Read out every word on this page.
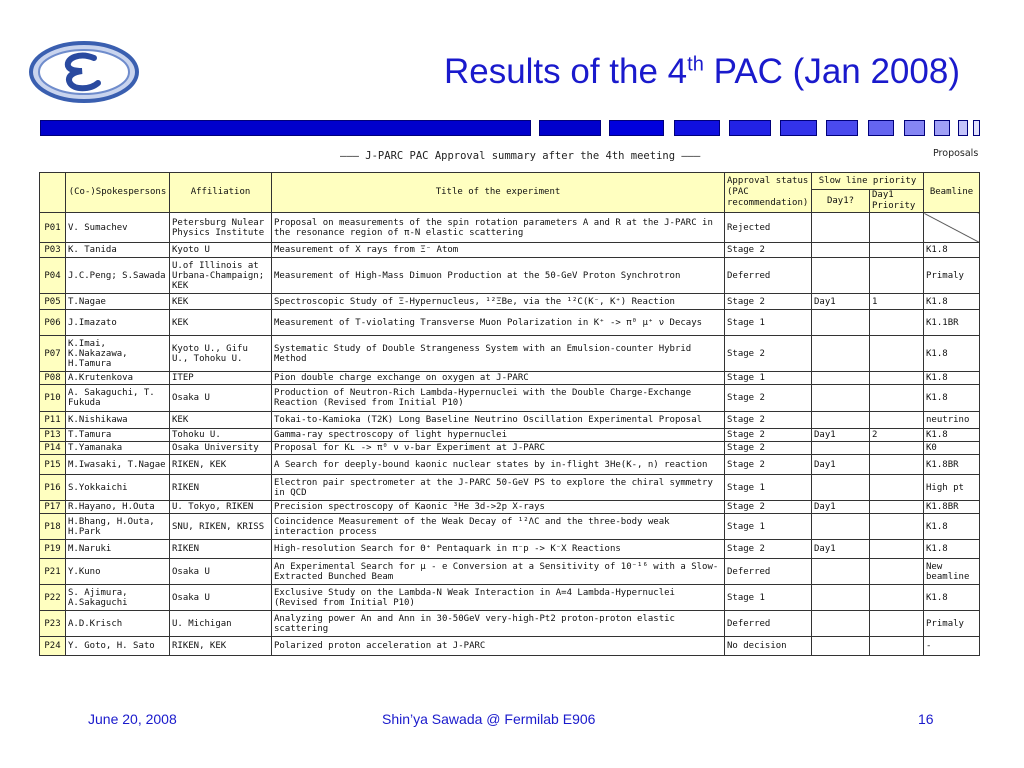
Results of the 4th PAC (Jan 2008)
——— J-PARC PAC Approval summary after the 4th meeting ———	Proposals
	(Co-)Spokespersons	Affiliation	Title of the experiment	Approval status (PAC recommendation)	Slow line priority		Beamline
					Day1?	Day1 Priority	
P01	V. Sumachev	Petersburg Nulear Physics Institute	Proposal on measurements of the spin rotation parameters A and R at the J-PARC in the resonance region of π-N elastic scattering	Rejected			
P03	K. Tanida	Kyoto U	Measurement of X rays from Ξ⁻ Atom	Stage 2			K1.8
P04	J.C.Peng; S.Sawada	U.of Illinois at Urbana-Champaign; KEK	Measurement of High-Mass Dimuon Production at the 50-GeV Proton Synchrotron	Deferred			Primaly
P05	T.Nagae	KEK	Spectroscopic Study of Ξ-Hypernucleus, ¹²ΞBe, via the ¹²C(K⁻, K⁺) Reaction	Stage 2	Day1	1	K1.8
P06	J.Imazato	KEK	Measurement of T-violating Transverse Muon Polarization in K⁺ -> π⁰ μ⁺ ν Decays	Stage 1			K1.1BR
P07	K.Imai, K.Nakazawa, H.Tamura	Kyoto U., Gifu U., Tohoku U.	Systematic Study of Double Strangeness System with an Emulsion-counter Hybrid Method	Stage 2			K1.8
P08	A.Krutenkova	ITEP	Pion double charge exchange on oxygen at J-PARC	Stage 1			K1.8
P10	A. Sakaguchi, T. Fukuda	Osaka U	Production of Neutron-Rich Lambda-Hypernuclei with the Double Charge-Exchange Reaction (Revised from Initial P10)	Stage 2			K1.8
P11	K.Nishikawa	KEK	Tokai-to-Kamioka (T2K) Long Baseline Neutrino Oscillation Experimental Proposal	Stage 2			neutrino
P13	T.Tamura	Tohoku U.	Gamma-ray spectroscopy of light hypernuclei	Stage 2	Day1	2	K1.8
P14	T.Yamanaka	Osaka University	Proposal for Kʟ -> π⁰ ν ν-bar Experiment at J-PARC	Stage 2			K0
P15	M.Iwasaki, T.Nagae	RIKEN, KEK	A Search for deeply-bound kaonic nuclear states by in-flight 3He(K-, n) reaction	Stage 2	Day1		K1.8BR
P16	S.Yokkaichi	RIKEN	Electron pair spectrometer at the J-PARC 50-GeV PS to explore the chiral symmetry in QCD	Stage 1			High pt
P17	R.Hayano, H.Outa	U. Tokyo, RIKEN	Precision spectroscopy of Kaonic ³He 3d->2p X-rays	Stage 2	Day1		K1.8BR
P18	H.Bhang, H.Outa, H.Park	SNU, RIKEN, KRISS	Coincidence Measurement of the Weak Decay of ¹²ΛC and the three-body weak interaction process	Stage 1			K1.8
P19	M.Naruki	RIKEN	High-resolution Search for Θ⁺ Pentaquark in π⁻p -> K⁻X Reactions	Stage 2	Day1		K1.8
P21	Y.Kuno	Osaka U	An Experimental Search for μ - e Conversion at a Sensitivity of 10⁻¹⁶ with a Slow-Extracted Bunched Beam	Deferred			New beamline
P22	S. Ajimura, A.Sakaguchi	Osaka U	Exclusive Study on the Lambda-N Weak Interaction in A=4 Lambda-Hypernuclei (Revised from Initial P10)	Stage 1			K1.8
P23	A.D.Krisch	U. Michigan	Analyzing power An and Ann in 30-50GeV very-high-Pt2 proton-proton elastic scattering	Deferred			Primaly
P24	Y. Goto, H. Sato	RIKEN, KEK	Polarized proton acceleration at J-PARC	No decision			-
June 20, 2008	Shin’ya Sawada @ Fermilab E906	16
